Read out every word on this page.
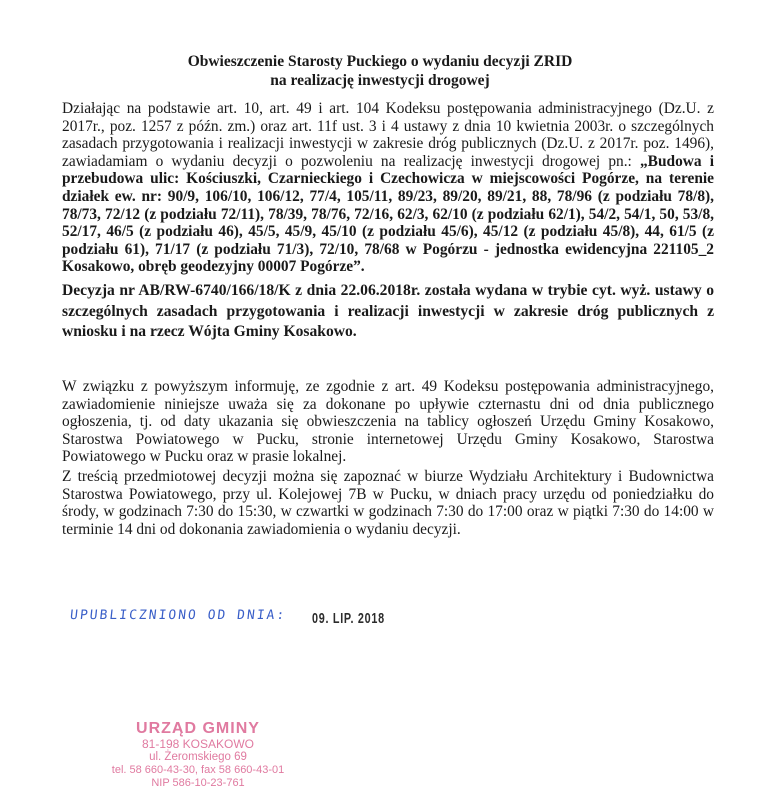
Obwieszczenie Starosty Puckiego o wydaniu decyzji ZRID
na realizację inwestycji drogowej
Działając na podstawie art. 10, art. 49 i art. 104 Kodeksu postępowania administracyjnego (Dz.U. z 2017r., poz. 1257 z późn. zm.) oraz art. 11f ust. 3 i 4 ustawy z dnia 10 kwietnia 2003r. o szczególnych zasadach przygotowania i realizacji inwestycji w zakresie dróg publicznych (Dz.U. z 2017r. poz. 1496), zawiadamiam o wydaniu decyzji o pozwoleniu na realizację inwestycji drogowej pn.: „Budowa i przebudowa ulic: Kościuszki, Czarnieckiego i Czechowicza w miejscowości Pogórze, na terenie działek ew. nr: 90/9, 106/10, 106/12, 77/4, 105/11, 89/23, 89/20, 89/21, 88, 78/96 (z podziału 78/8), 78/73, 72/12 (z podziału 72/11), 78/39, 78/76, 72/16, 62/3, 62/10 (z podziału 62/1), 54/2, 54/1, 50, 53/8, 52/17, 46/5 (z podziału 46), 45/5, 45/9, 45/10 (z podziału 45/6), 45/12 (z podziału 45/8), 44, 61/5 (z podziału 61), 71/17 (z podziału 71/3), 72/10, 78/68 w Pogórzu - jednostka ewidencyjna 221105_2 Kosakowo, obręb geodezyjny 00007 Pogórze”.
Decyzja nr AB/RW-6740/166/18/K z dnia 22.06.2018r. została wydana w trybie cyt. wyż. ustawy o szczególnych zasadach przygotowania i realizacji inwestycji w zakresie dróg publicznych z wniosku i na rzecz Wójta Gminy Kosakowo.
W związku z powyższym informuję, ze zgodnie z art. 49 Kodeksu postępowania administracyjnego, zawiadomienie niniejsze uważa się za dokonane po upływie czternastu dni od dnia publicznego ogłoszenia, tj. od daty ukazania się obwieszczenia na tablicy ogłoszeń Urzędu Gminy Kosakowo, Starostwa Powiatowego w Pucku, stronie internetowej Urzędu Gminy Kosakowo, Starostwa Powiatowego w Pucku oraz w prasie lokalnej.
Z treścią przedmiotowej decyzji można się zapoznać w biurze Wydziału Architektury i Budownictwa Starostwa Powiatowego, przy ul. Kolejowej 7B w Pucku, w dniach pracy urzędu od poniedziałku do środy, w godzinach 7:30 do 15:30, w czwartki w godzinach 7:30 do 17:00 oraz w piątki 7:30 do 14:00 w terminie 14 dni od dokonania zawiadomienia o wydaniu decyzji.
UPUBLICZNIONO OD DNIA: 09. LIP. 2018
URZĄD GMINY
81-198 KOSAKOWO
ul. Żeromskiego 69
tel. 58 660-43-30, fax 58 660-43-01
NIP 586-10-23-761
